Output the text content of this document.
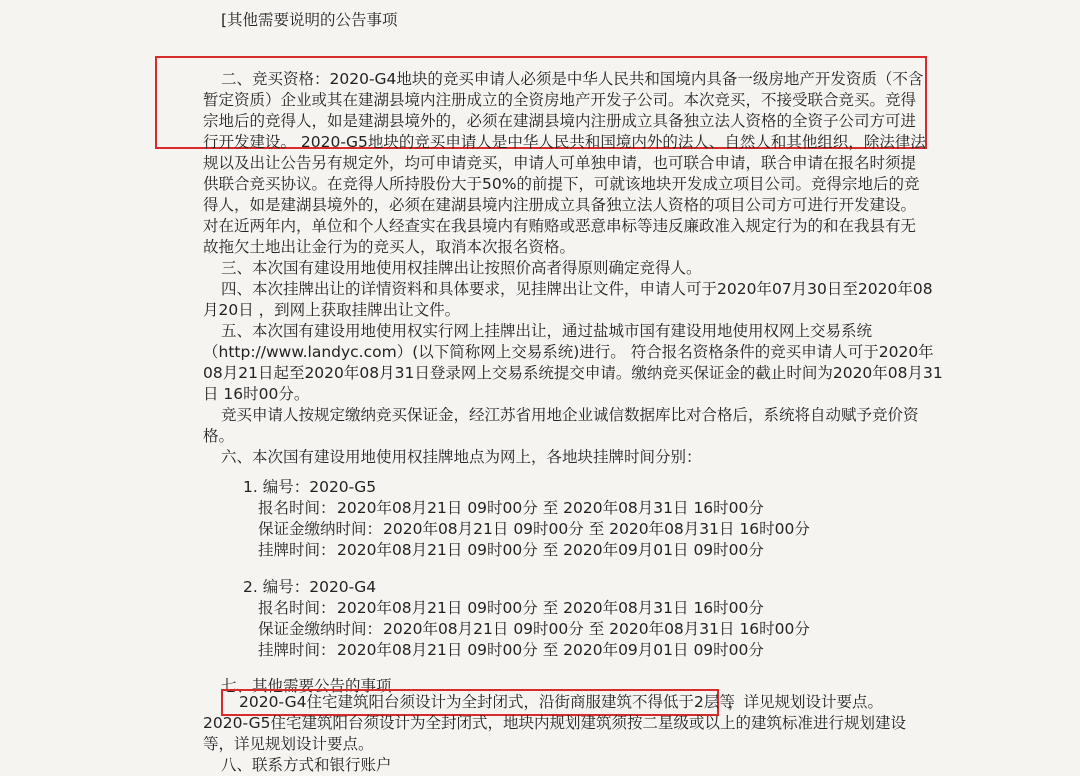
[其他需要说明的公告事项
二、竞买资格：2020-G4地块的竞买申请人必须是中华人民共和国境内具备一级房地产开发资质（不含
暂定资质）企业或其在建湖县境内注册成立的全资房地产开发子公司。本次竞买，不接受联合竞买。竞得
宗地后的竞得人，如是建湖县境外的，必须在建湖县境内注册成立具备独立法人资格的全资子公司方可进
行开发建设。 2020-G5地块的竞买申请人是中华人民共和国境内外的法人、自然人和其他组织，除法律法
规以及出让公告另有规定外，均可申请竞买，申请人可单独申请，也可联合申请，联合申请在报名时须提
供联合竞买协议。在竞得人所持股份大于50%的前提下，可就该地块开发成立项目公司。竞得宗地后的竞
得人，如是建湖县境外的，必须在建湖县境内注册成立具备独立法人资格的项目公司方可进行开发建设。
对在近两年内，单位和个人经查实在我县境内有贿赂或恶意串标等违反廉政准入规定行为的和在我县有无
故拖欠土地出让金行为的竞买人，取消本次报名资格。
三、本次国有建设用地使用权挂牌出让按照价高者得原则确定竞得人。
四、本次挂牌出让的详情资料和具体要求，见挂牌出让文件，申请人可于2020年07月30日至2020年08
月20日 ，到网上获取挂牌出让文件。
五、本次国有建设用地使用权实行网上挂牌出让，通过盐城市国有建设用地使用权网上交易系统
（http://www.landyc.com）(以下简称网上交易系统)进行。 符合报名资格条件的竞买申请人可于2020年
08月21日起至2020年08月31日登录网上交易系统提交申请。缴纳竞买保证金的截止时间为2020年08月31
日 16时00分。
竞买申请人按规定缴纳竞买保证金，经江苏省用地企业诚信数据库比对合格后，系统将自动赋予竞价资
格。
六、本次国有建设用地使用权挂牌地点为网上，各地块挂牌时间分别：
1. 编号：2020-G5
报名时间： 2020年08月21日 09时00分 至 2020年08月31日 16时00分
保证金缴纳时间： 2020年08月21日 09时00分 至 2020年08月31日 16时00分
挂牌时间： 2020年08月21日 09时00分 至 2020年09月01日 09时00分
2. 编号：2020-G4
报名时间： 2020年08月21日 09时00分 至 2020年08月31日 16时00分
保证金缴纳时间： 2020年08月21日 09时00分 至 2020年08月31日 16时00分
挂牌时间： 2020年08月21日 09时00分 至 2020年09月01日 09时00分
七、其他需要公告的事项
2020-G4住宅建筑阳台须设计为全封闭式，沿街商服建筑不得低于2层等
，详见规划设计要点。
2020-G5住宅建筑阳台须设计为全封闭式，地块内规划建筑须按二星级或以上的建筑标准进行规划建设
等，详见规划设计要点。
八、联系方式和银行账户
